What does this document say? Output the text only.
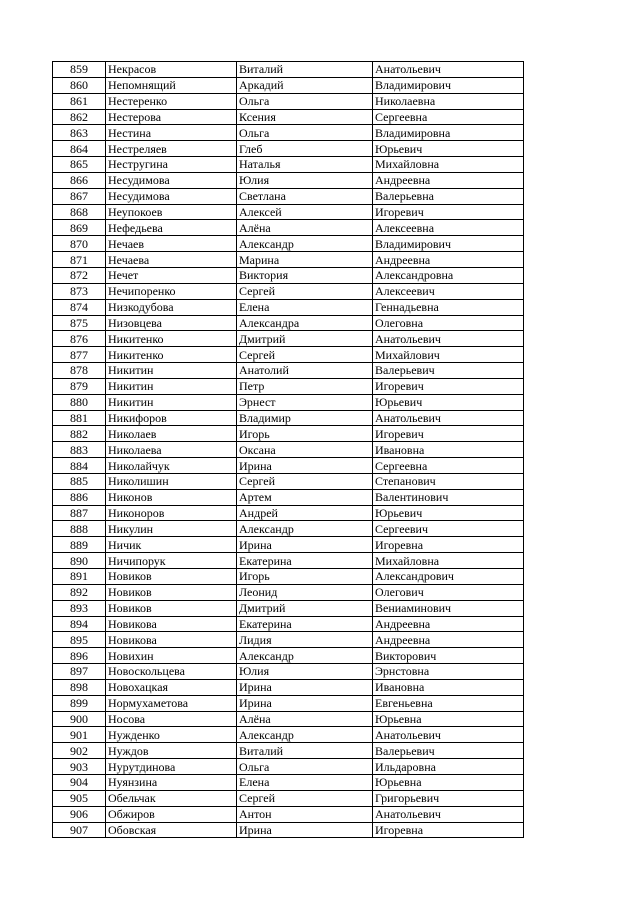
859	Некрасов	Виталий	Анатольевич
860	Непомнящий	Аркадий	Владимирович
861	Нестеренко	Ольга	Николаевна
862	Нестерова	Ксения	Сергеевна
863	Нестина	Ольга	Владимировна
864	Нестреляев	Глеб	Юрьевич
865	Нестругина	Наталья	Михайловна
866	Несудимова	Юлия	Андреевна
867	Несудимова	Светлана	Валерьевна
868	Неупокоев	Алексей	Игоревич
869	Нефедьева	Алёна	Алексеевна
870	Нечаев	Александр	Владимирович
871	Нечаева	Марина	Андреевна
872	Нечет	Виктория	Александровна
873	Нечипоренко	Сергей	Алексеевич
874	Низкодубова	Елена	Геннадьевна
875	Низовцева	Александра	Олеговна
876	Никитенко	Дмитрий	Анатольевич
877	Никитенко	Сергей	Михайлович
878	Никитин	Анатолий	Валерьевич
879	Никитин	Петр	Игоревич
880	Никитин	Эрнест	Юрьевич
881	Никифоров	Владимир	Анатольевич
882	Николаев	Игорь	Игоревич
883	Николаева	Оксана	Ивановна
884	Николайчук	Ирина	Сергеевна
885	Николишин	Сергей	Степанович
886	Никонов	Артем	Валентинович
887	Никоноров	Андрей	Юрьевич
888	Никулин	Александр	Сергеевич
889	Ничик	Ирина	Игоревна
890	Ничипорук	Екатерина	Михайловна
891	Новиков	Игорь	Александрович
892	Новиков	Леонид	Олегович
893	Новиков	Дмитрий	Вениаминович
894	Новикова	Екатерина	Андреевна
895	Новикова	Лидия	Андреевна
896	Новихин	Александр	Викторович
897	Новоскольцева	Юлия	Эрнстовна
898	Новохацкая	Ирина	Ивановна
899	Нормухаметова	Ирина	Евгеньевна
900	Носова	Алёна	Юрьевна
901	Нужденко	Александр	Анатольевич
902	Нуждов	Виталий	Валерьевич
903	Нурутдинова	Ольга	Ильдаровна
904	Нуянзина	Елена	Юрьевна
905	Обельчак	Сергей	Григорьевич
906	Обжиров	Антон	Анатольевич
907	Обовская	Ирина	Игоревна
